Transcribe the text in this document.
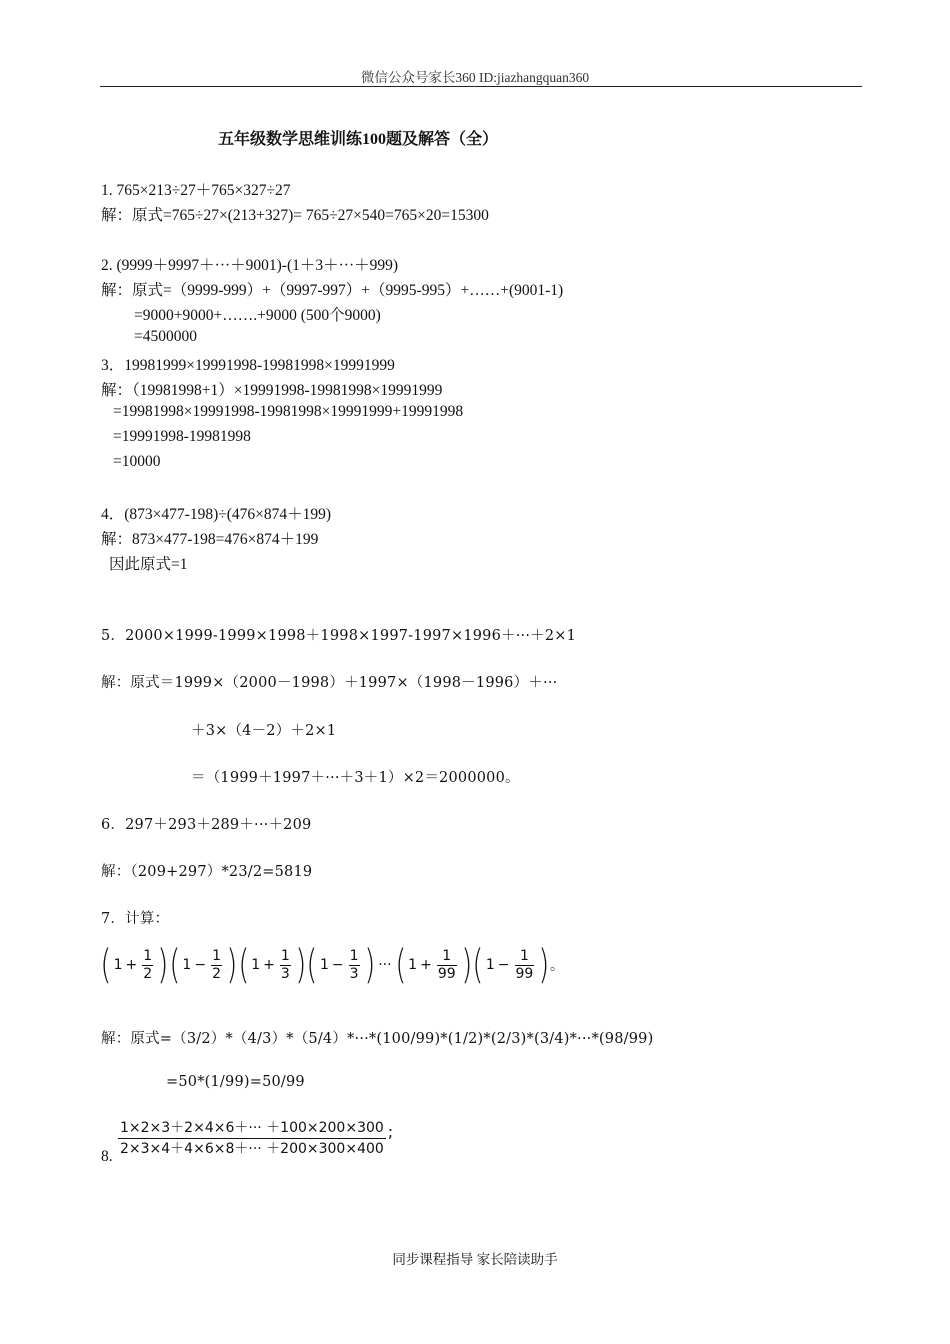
微信公众号家长360 ID:jiazhangquan360
五年级数学思维训练100题及解答（全）
1. 765×213÷27＋765×327÷27
解：原式=765÷27×(213+327)= 765÷27×540=765×20=15300
2. (9999＋9997＋···＋9001)-(1＋3＋···＋999)
解：原式=（9999-999）+（9997-997）+（9995-995）+……+(9001-1)
=9000+9000+…….+9000 (500个9000)
=4500000
3．19981999×19991998-19981998×19991999
解：（19981998+1）×19991998-19981998×19991999
=19981998×19991998-19981998×19991999+19991998
=19991998-19981998
=10000
4．(873×477-198)÷(476×874＋199)
解：873×477-198=476×874＋199
因此原式=1
5．2000×1999-1999×1998＋1998×1997-1997×1996＋···＋2×1
解：原式＝1999×（2000－1998）＋1997×（1998－1996）＋···
＋3×（4－2）＋2×1
＝（1999＋1997＋···＋3＋1）×2＝2000000。
6．297＋293＋289＋···＋209
解：（209+297）*23/2=5819
7．计算：
( $1 + \frac{1}{2}$ ) ( $1 - \frac{1}{2}$ ) ( $1 + \frac{1}{3}$ ) ( $1 - \frac{1}{3}$ ) ··· ( $1 + \frac{1}{99}$ ) ( $1 - \frac{1}{99}$ ) 。
解：原式=（3/2）*（4/3）*（5/4）*···*(100/99)*(1/2)*(2/3)*(3/4)*···*(98/99)
=50*(1/99)=50/99
8.
1×2×3＋2×4×6＋··· ＋100×200×300
2×3×4＋4×6×8＋··· ＋200×300×400
;
同步课程指导 家长陪读助手
